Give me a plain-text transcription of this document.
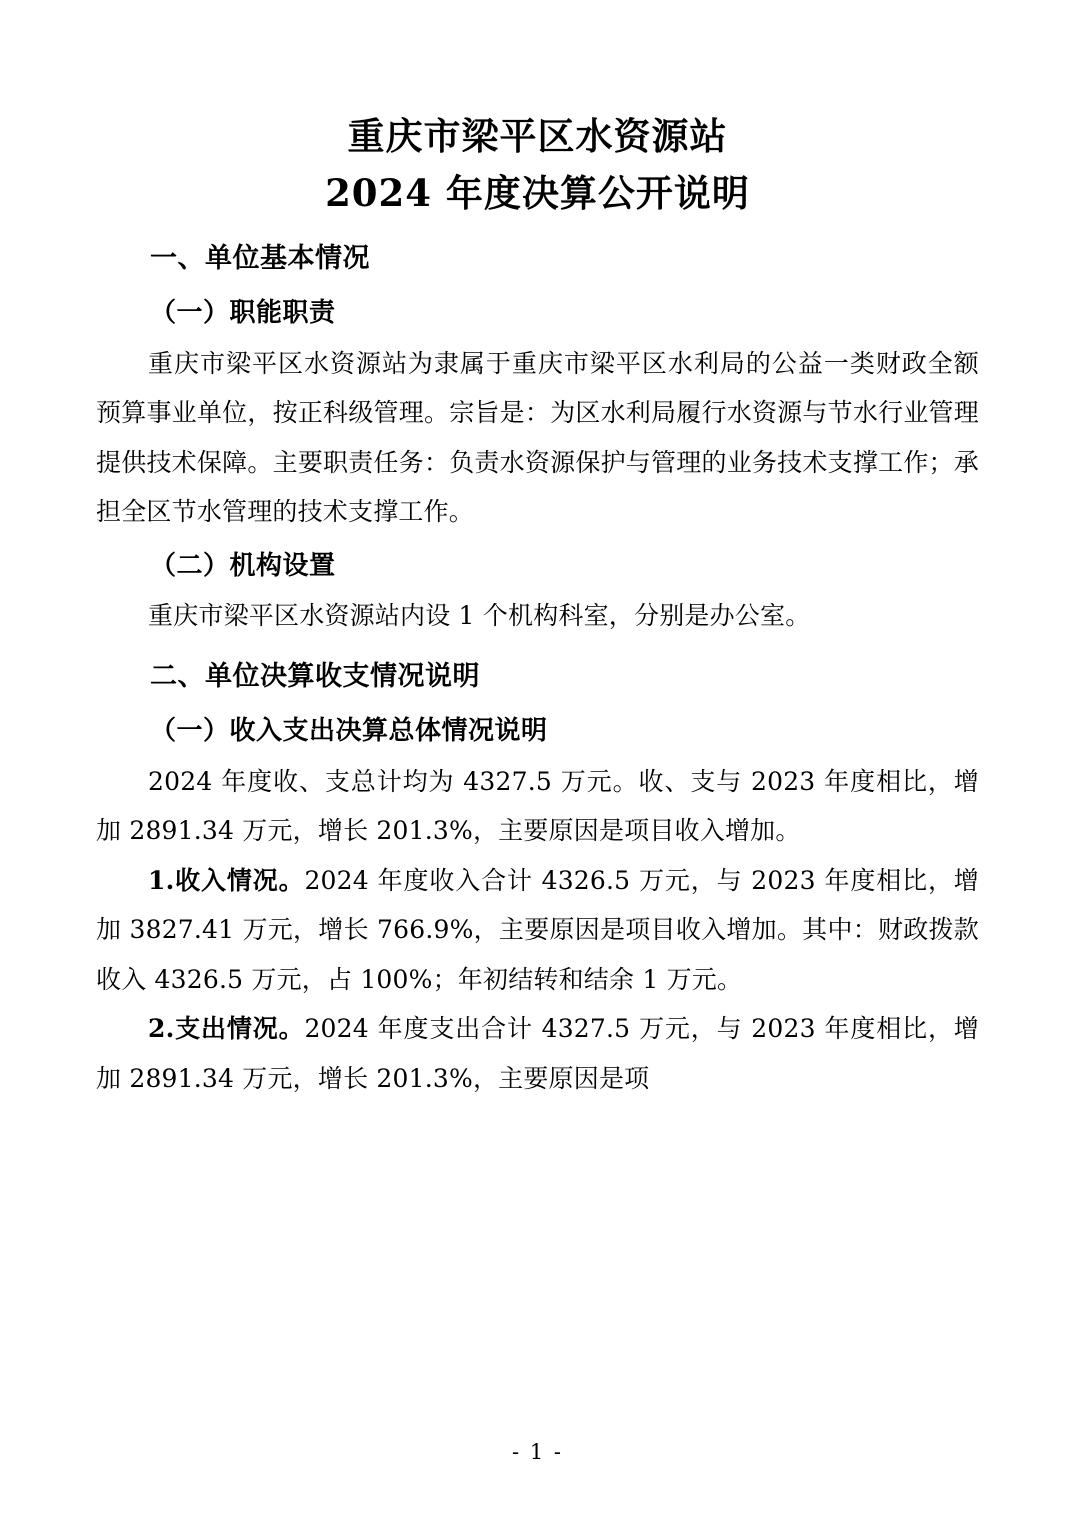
重庆市梁平区水资源站
2024 年度决算公开说明
一、单位基本情况
（一）职能职责

重庆市梁平区水资源站为隶属于重庆市梁平区水利局的公益一类财政全额预算事业单位，按正科级管理。宗旨是：为区水利局履行水资源与节水行业管理提供技术保障。主要职责任务：负责水资源保护与管理的业务技术支撑工作；承担全区节水管理的技术支撑工作。

（二）机构设置

重庆市梁平区水资源站内设 1 个机构科室，分别是办公室。

二、单位决算收支情况说明
（一）收入支出决算总体情况说明

2024 年度收、支总计均为 4327.5 万元。收、支与 2023 年度相比，增加 2891.34 万元，增长 201.3%，主要原因是项目收入增加。

1.收入情况。2024 年度收入合计 4326.5 万元，与 2023 年度相比，增加 3827.41 万元，增长 766.9%，主要原因是项目收入增加。其中：财政拨款收入 4326.5 万元，占 100%；年初结转和结余 1 万元。

2.支出情况。2024 年度支出合计 4327.5 万元，与 2023 年度相比，增加 2891.34 万元，增长 201.3%，主要原因是项

- 1 -
